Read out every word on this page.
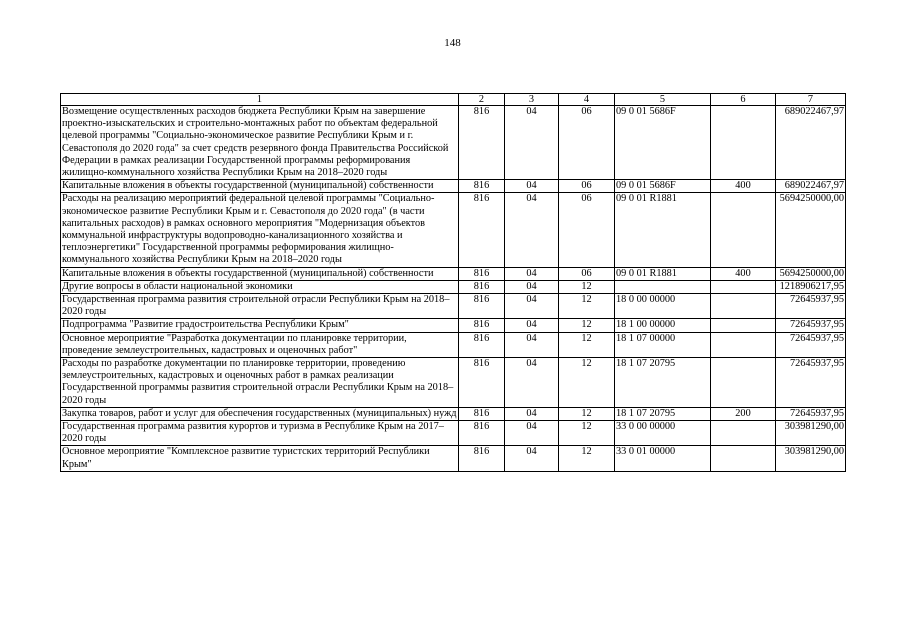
148
1	2	3	4	5	6	7
Возмещение осуществленных расходов бюджета Республики Крым на завершение проектно-изыскательских и строительно-монтажных работ по объектам федеральной целевой программы "Социально-экономическое развитие Республики Крым и г. Севастополя до 2020 года" за счет средств резервного фонда Правительства Российской Федерации в рамках реализации Государственной программы реформирования жилищно-коммунального хозяйства Республики Крым на 2018–2020 годы	816	04	06	09 0 01 5686F		689022467,97
Капитальные вложения в объекты государственной (муниципальной) собственности	816	04	06	09 0 01 5686F	400	689022467,97
Расходы на реализацию мероприятий федеральной целевой программы "Социально-экономическое развитие Республики Крым и г. Севастополя до 2020 года" (в части капитальных расходов) в рамках основного мероприятия "Модернизация объектов коммунальной инфраструктуры водопроводно-канализационного хозяйства и теплоэнергетики" Государственной программы реформирования жилищно-коммунального хозяйства Республики Крым на 2018–2020 годы	816	04	06	09 0 01 R1881		5694250000,00
Капитальные вложения в объекты государственной (муниципальной) собственности	816	04	06	09 0 01 R1881	400	5694250000,00
Другие вопросы в области национальной экономики	816	04	12			1218906217,95
Государственная программа развития строительной отрасли Республики Крым на 2018–2020 годы	816	04	12	18 0 00 00000		72645937,95
Подпрограмма "Развитие градостроительства Республики Крым"	816	04	12	18 1 00 00000		72645937,95
Основное мероприятие "Разработка документации по планировке территории, проведение землеустроительных, кадастровых и оценочных работ"	816	04	12	18 1 07 00000		72645937,95
Расходы по разработке документации по планировке территории, проведению землеустроительных, кадастровых и оценочных работ в рамках реализации Государственной программы развития строительной отрасли Республики Крым на 2018–2020 годы	816	04	12	18 1 07 20795		72645937,95
Закупка товаров, работ и услуг для обеспечения государственных (муниципальных) нужд	816	04	12	18 1 07 20795	200	72645937,95
Государственная программа развития курортов и туризма в Республике Крым на 2017–2020 годы	816	04	12	33 0 00 00000		303981290,00
Основное мероприятие "Комплексное развитие туристских территорий Республики Крым"	816	04	12	33 0 01 00000		303981290,00
